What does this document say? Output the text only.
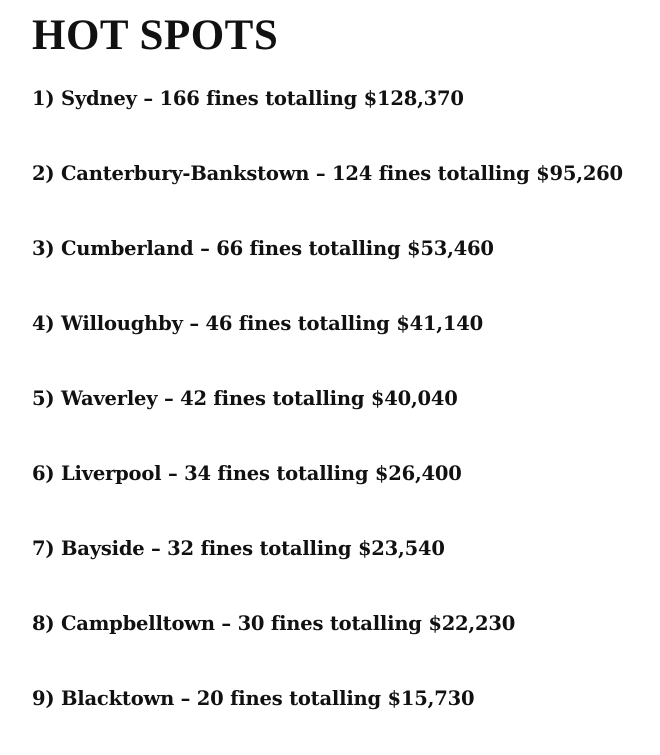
HOT SPOTS
1) Sydney – 166 fines totalling $128,370
2) Canterbury-Bankstown – 124 fines totalling $95,260
3) Cumberland – 66 fines totalling $53,460
4) Willoughby – 46 fines totalling $41,140
5) Waverley – 42 fines totalling $40,040
6) Liverpool – 34 fines totalling $26,400
7) Bayside – 32 fines totalling $23,540
8) Campbelltown – 30 fines totalling $22,230
9) Blacktown – 20 fines totalling $15,730
